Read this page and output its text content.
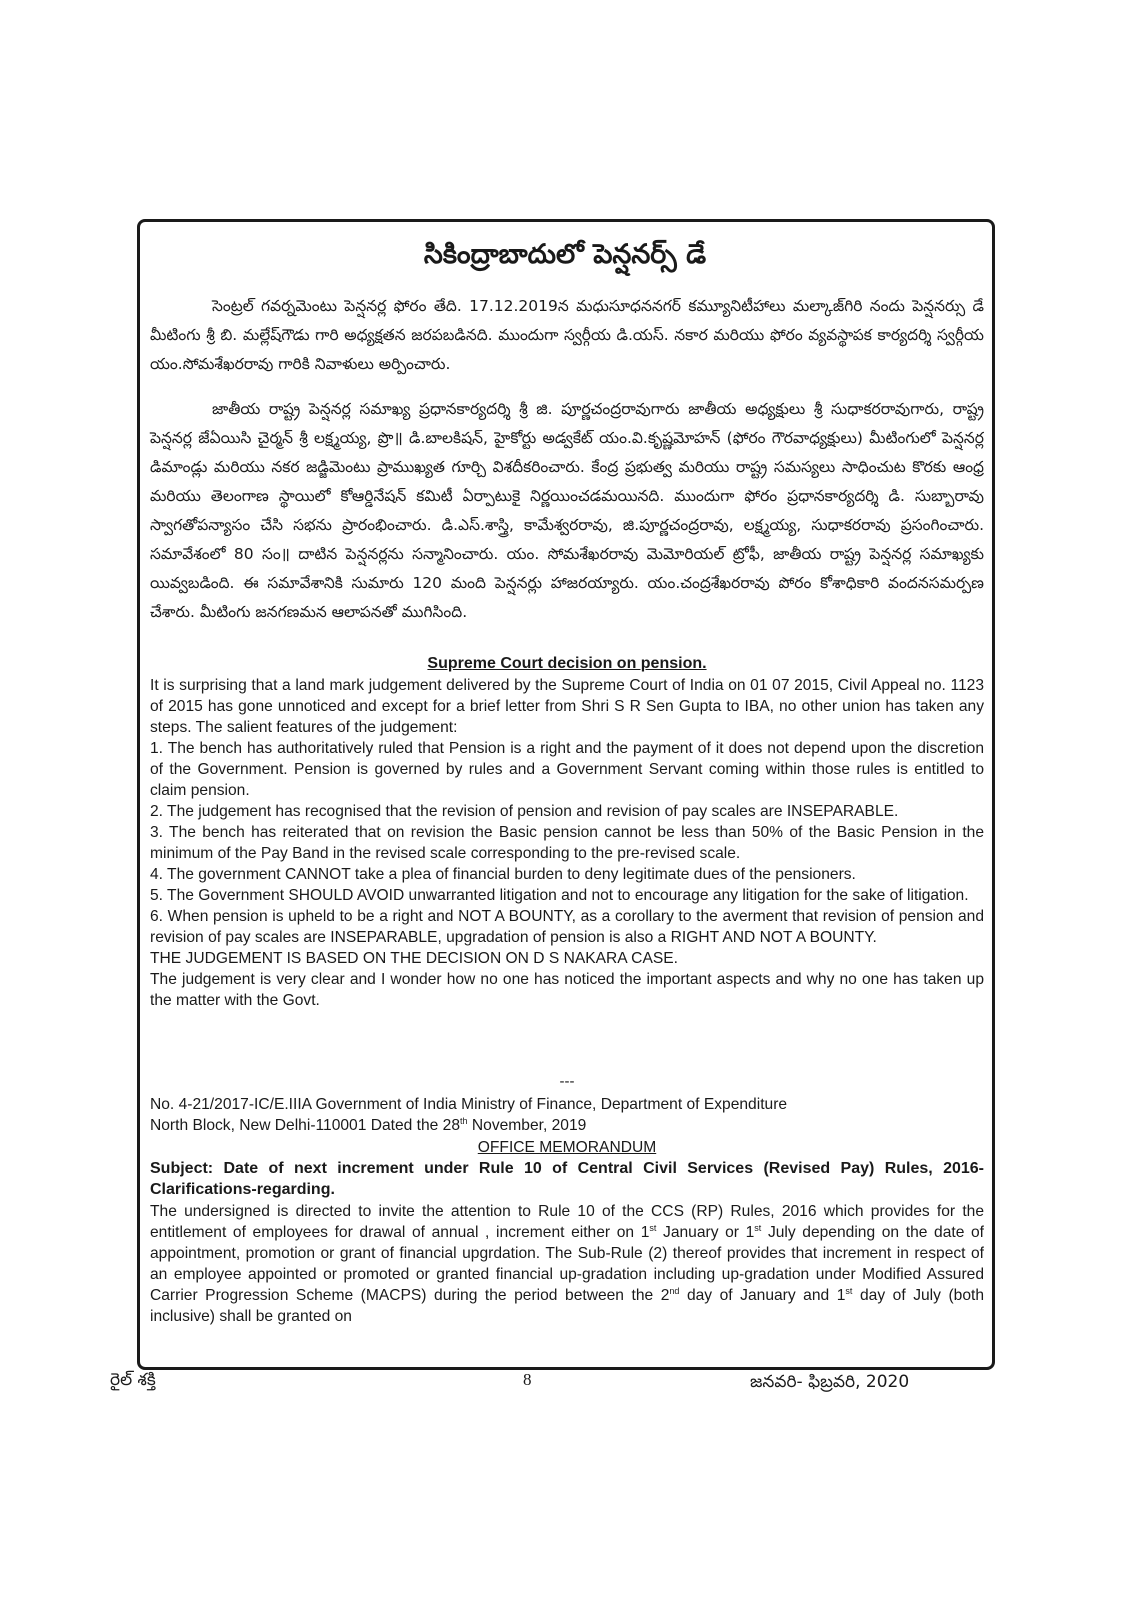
సికింద్రాబాదులో పెన్షనర్స్ డే

సెంట్రల్ గవర్నమెంటు పెన్షనర్ల ఫోరం తేది. 17.12.2019న మధుసూధననగర్ కమ్యూనిటీహాలు మల్కాజ్‌గిరి నందు పెన్షనర్సు డే మీటింగు శ్రీ బి. మల్లేష్‌గౌడు గారి అధ్యక్షతన జరపబడినది. ముందుగా స్వర్గీయ డి.యస్. నకార మరియు ఫోరం వ్యవస్థాపక కార్యదర్శి స్వర్గీయ యం.సోమశేఖరరావు గారికి నివాళులు అర్పించారు.

జాతీయ రాష్ట్ర పెన్షనర్ల సమాఖ్య ప్రధానకార్యదర్శి శ్రీ జి. పూర్ణచంద్రరావుగారు జాతీయ అధ్యక్షులు శ్రీ సుధాకరరావుగారు, రాష్ట్ర పెన్షనర్ల జేఏయిసి చైర్మన్ శ్రీ లక్ష్మయ్య, ప్రొ॥ డి.బాలకిషన్, హైకోర్టు అడ్వకేట్ యం.వి.కృష్ణమోహన్ (ఫోరం గౌరవాధ్యక్షులు) మీటింగులో పెన్షనర్ల డిమాండ్లు మరియు నకర జడ్జిమెంటు ప్రాముఖ్యత గూర్చి విశదీకరించారు. కేంద్ర ప్రభుత్వ మరియు రాష్ట్ర సమస్యలు సాధించుట కొరకు ఆంధ్ర మరియు తెలంగాణ స్థాయిలో కోఆర్డినేషన్ కమిటీ ఏర్పాటుకై నిర్ణయించడమయినది. ముందుగా ఫోరం ప్రధానకార్యదర్శి డి. సుబ్బారావు స్వాగతోపన్యాసం చేసి సభను ప్రారంభించారు. డి.ఎస్.శాస్త్రి, కామేశ్వరరావు, జి.పూర్ణచంద్రరావు, లక్ష్మయ్య, సుధాకరరావు ప్రసంగించారు. సమావేశంలో 80 సం॥ దాటిన పెన్షనర్లను సన్మానించారు. యం. సోమశేఖరరావు మెమోరియల్ ట్రోఫీ, జాతీయ రాష్ట్ర పెన్షనర్ల సమాఖ్యకు యివ్వబడింది. ఈ సమావేశానికి సుమారు 120 మంది పెన్షనర్లు హాజరయ్యారు. యం.చంద్రశేఖరరావు పోరం కోశాధికారి వందనసమర్పణ చేశారు. మీటింగు జనగణమన ఆలాపనతో ముగిసింది.

Supreme Court decision on pension.
It is surprising that a land mark judgement delivered by the Supreme Court of India on 01 07 2015, Civil Appeal no. 1123 of 2015 has gone unnoticed and except for a brief letter from Shri S R Sen Gupta to IBA, no other union has taken any steps. The salient features of the judgement:
1. The bench has authoritatively ruled that Pension is a right and the payment of it does not depend upon the discretion of the Government. Pension is governed by rules and a Government Servant coming within those rules is entitled to claim pension.
2. The judgement has recognised that the revision of pension and revision of pay scales are INSEPARABLE.
3. The bench has reiterated that on revision the Basic pension cannot be less than 50% of the Basic Pension in the minimum of the Pay Band in the revised scale corresponding to the pre-revised scale.
4. The government CANNOT take a plea of financial burden to deny legitimate dues of the pensioners.
5. The Government SHOULD AVOID unwarranted litigation and not to encourage any litigation for the sake of litigation.
6. When pension is upheld to be a right and NOT A BOUNTY, as a corollary to the averment that revision of pension and revision of pay scales are INSEPARABLE, upgradation of pension is also a RIGHT AND NOT A BOUNTY.
THE JUDGEMENT IS BASED ON THE DECISION ON D S NAKARA CASE.
The judgement is very clear and I wonder how no one has noticed the important aspects and why no one has taken up the matter with the Govt.
---
No. 4-21/2017-IC/E.IIIA Government of India Ministry of Finance, Department of Expenditure
North Block, New Delhi-110001 Dated the 28th November, 2019
OFFICE MEMORANDUM
Subject: Date of next increment under Rule 10 of Central Civil Services (Revised Pay) Rules, 2016- Clarifications-regarding.
The undersigned is directed to invite the attention to Rule 10 of the CCS (RP) Rules, 2016 which provides for the entitlement of employees for drawal of annual , increment either on 1st January or 1st July depending on the date of appointment, promotion or grant of financial upgrdation. The Sub-Rule (2) thereof provides that increment in respect of an employee appointed or promoted or granted financial up-gradation including up-gradation under Modified Assured Carrier Progression Scheme (MACPS) during the period between the 2nd day of January and 1st day of July (both inclusive) shall be granted on
రైల్ శక్తి	8	జనవరి- ఫిబ్రవరి, 2020
